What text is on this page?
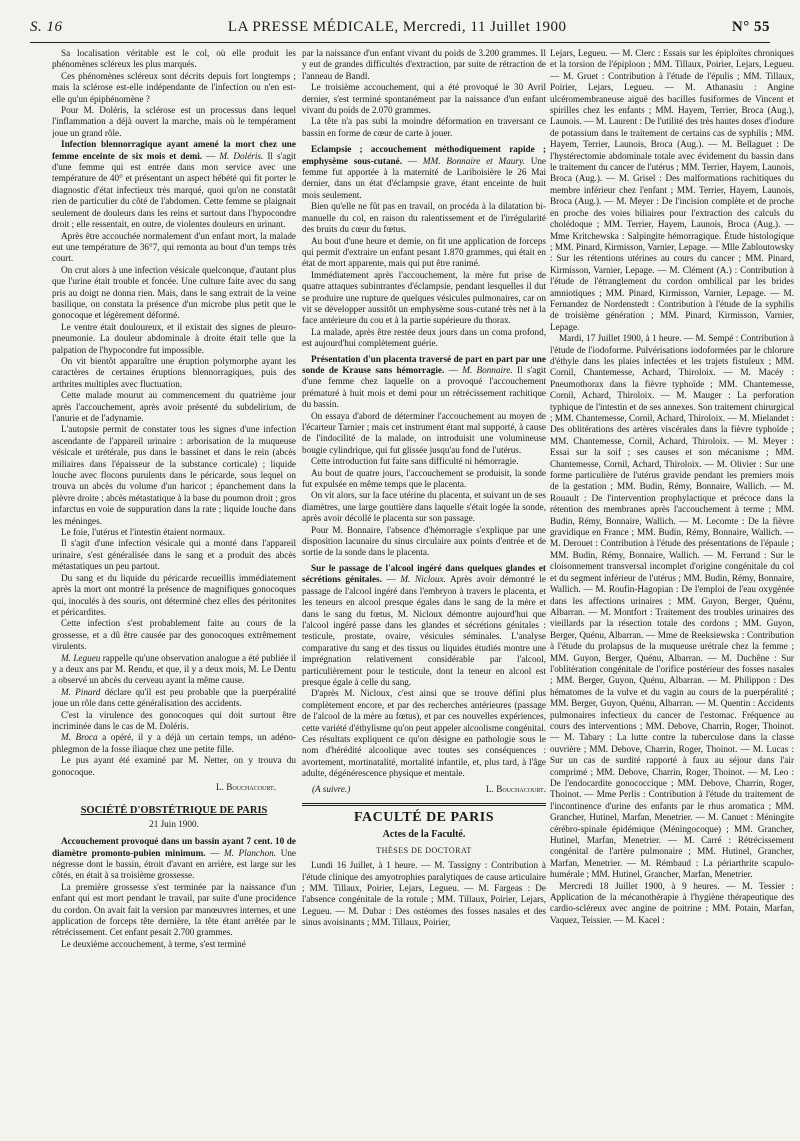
S. 16	LA PRESSE MÉDICALE, Mercredi, 11 Juillet 1900	N° 55

Sa localisation véritable est le col, où elle produit les phénomènes scléreux les plus marqués.

Ces phénomènes scléreux sont décrits depuis fort longtemps ; mais la sclérose est-elle indépendante de l'infection ou n'en est-elle qu'un épiphénomène ?

Pour M. Doléris, la sclérose est un processus dans lequel l'inflammation a déjà ouvert la marche, mais où le tempérament joue un grand rôle.

Infection blennorragique ayant amené la mort chez une femme enceinte de six mois et demi. — M. Doléris. Il s'agit d'une femme qui est entrée dans mon service avec une température de 40° et présentant un aspect hébété qui fit porter le diagnostic d'état infectieux très marqué, quoi qu'on ne constatât rien de particulier du côté de l'abdomen. Cette femme se plaignait seulement de douleurs dans les reins et surtout dans l'hypocondre droit ; elle ressentait, en outre, de violentes douleurs en urinant.

Après être accouchée normalement d'un enfant mort, la malade eut une température de 36°7, qui remonta au bout d'un temps très court.

On crut alors à une infection vésicale quelconque, d'autant plus que l'urine était trouble et foncée. Une culture faite avec du sang pris au doigt ne donna rien. Mais, dans le sang extrait de la veine basilique, on constata la présence d'un microbe plus petit que le gonocoque et légèrement déformé.

Le ventre était douloureux, et il existait des signes de pleuro-pneumonie. La douleur abdominale à droite était telle que la palpation de l'hypocondre fut impossible.

On vit bientôt apparaître une éruption polymorphe ayant les caractères de certaines éruptions blennorragiques, puis des arthrites multiples avec fluctuation.

Cette malade mourut au commencement du quatrième jour après l'accouchement, après avoir présenté du subdelirium, de l'anurie et de l'adynamie.

L'autopsie permit de constater tous les signes d'une infection ascendante de l'appareil urinaire : arborisation de la muqueuse vésicale et urétérale, pus dans le bassinet et dans le rein (abcès miliaires dans l'épaisseur de la substance corticale) ; liquide louche avec flocons purulents dans le péricarde, sous lequel on trouva un abcès du volume d'un haricot ; épanchement dans la plèvre droite ; abcès métastatique à la base du poumon droit ; gros infarctus en voie de suppuration dans la rate ; liquide louche dans les méninges.

Le foie, l'utérus et l'intestin étaient normaux.

Il s'agit d'une infection vésicale qui a monté dans l'appareil urinaire, s'est généralisée dans le sang et a produit des abcès métastatiques un peu partout.

Du sang et du liquide du péricarde recueillis immédiatement après la mort ont montré la présence de magnifiques gonocoques qui, inoculés à des souris, ont déterminé chez elles des péritonites et péricardites.

Cette infection s'est probablement faite au cours de la grossesse, et a dû être causée par des gonocoques extrêmement virulents.

M. Legueu rappelle qu'une observation analogue a été publiée il y a deux ans par M. Rendu, et que, il y a deux mois, M. Le Dentu a observé un abcès du cerveau ayant la même cause.

M. Pinard déclare qu'il est peu probable que la puerpéralité joue un rôle dans cette généralisation des accidents.

C'est la virulence des gonocoques qui doit surtout être incriminée dans le cas de M. Doléris.

M. Broca a opéré, il y a déjà un certain temps, un adéno-phlegmon de la fosse iliaque chez une petite fille.

Le pus ayant été examiné par M. Netter, on y trouva du gonocoque.

L. Bouchacourt.
SOCIÉTÉ D'OBSTÉTRIQUE DE PARIS
21 Juin 1900.

Accouchement provoqué dans un bassin ayant 7 cent. 10 de diamètre promonto-pubien minimum. — M. Planchon. Une négresse dont le bassin, étroit d'avant en arrière, est large sur les côtés, en était à sa troisième grossesse.

La première grossesse s'est terminée par la naissance d'un enfant qui est mort pendant le travail, par suite d'une procidence du cordon. On avait fait la version par manœuvres internes, et une application de forceps tête dernière, la tête étant arrêtée par le rétrécissement. Cet enfant pesait 2.700 grammes.

Le deuxième accouchement, à terme, s'est terminé

par la naissance d'un enfant vivant du poids de 3.200 grammes. Il y eut de grandes difficultés d'extraction, par suite de rétraction de l'anneau de Bandl.

Le troisième accouchement, qui a été provoqué le 30 Avril dernier, s'est terminé spontanément par la naissance d'un enfant vivant du poids de 2.070 grammes.

La tête n'a pas subi la moindre déformation en traversant ce bassin en forme de cœur de carte à jouer.

Eclampsie ; accouchement méthodiquement rapide ; emphysème sous-cutané. — MM. Bonnaire et Maury. Une femme fut apportée à la maternité de Lariboisière le 26 Mai dernier, dans un état d'éclampsie grave, étant enceinte de huit mois seulement.

Bien qu'elle ne fût pas en travail, on procéda à la dilatation bi-manuelle du col, en raison du ralentissement et de l'irrégularité des bruits du cœur du fœtus.

Au bout d'une heure et demie, on fit une application de forceps qui permit d'extraire un enfant pesant 1.870 grammes, qui était en état de mort apparente, mais qui put être ranimé.

Immédiatement après l'accouchement, la mère fut prise de quatre attaques subintrantes d'éclampsie, pendant lesquelles il dut se produire une rupture de quelques vésicules pulmonaires, car on vit se développer aussitôt un emphysème sous-cutané très net à la face antérieure du cou et à la partie supérieure du thorax.

La malade, après être restée deux jours dans un coma profond, est aujourd'hui complètement guérie.

Présentation d'un placenta traversé de part en part par une sonde de Krause sans hémorragie. — M. Bonnaire. Il s'agit d'une femme chez laquelle on a provoqué l'accouchement prématuré à huit mois et demi pour un rétrécissement rachitique du bassin.

On essaya d'abord de déterminer l'accouchement au moyen de l'écarteur Tarnier ; mais cet instrument étant mal supporté, à cause de l'indocilité de la malade, on introduisit une volumineuse bougie cylindrique, qui fut glissée jusqu'au fond de l'utérus.

Cette introduction fut faite sans difficulté ni hémorragie.

Au bout de quatre jours, l'accouchement se produisit, la sonde fut expulsée en même temps que le placenta.

On vit alors, sur la face utérine du placenta, et suivant un de ses diamètres, une large gouttière dans laquelle s'était logée la sonde, après avoir décollé le placenta sur son passage.

Pour M. Bonnaire, l'absence d'hémorragie s'explique par une disposition lacunaire du sinus circulaire aux points d'entrée et de sortie de la sonde dans le placenta.

Sur le passage de l'alcool ingéré dans quelques glandes et sécrétions génitales. — M. Nicloux. Après avoir démontré le passage de l'alcool ingéré dans l'embryon à travers le placenta, et les teneurs en alcool presque égales dans le sang de la mère et dans le sang du fœtus, M. Nicloux démontre aujourd'hui que l'alcool ingéré passe dans les glandes et sécrétions génitales : testicule, prostate, ovaire, vésicules séminales. L'analyse comparative du sang et des tissus ou liquides étudiés montre une imprégnation relativement considérable par l'alcool, particulièrement pour le testicule, dont la teneur en alcool est presque égale à celle du sang.

D'après M. Nicloux, c'est ainsi que se trouve défini plus complètement encore, et par des recherches antérieures (passage de l'alcool de la mère au fœtus), et par ces nouvelles expériences, cette variété d'éthylisme qu'on peut appeler alcoolisme congénital. Ces résultats expliquent ce qu'on désigne en pathologie sous le nom d'hérédité alcoolique avec toutes ses conséquences : avortement, mortinatalité, mortalité infantile, et, plus tard, à l'âge adulte, dégénérescence physique et mentale.

(A suivre.)	L. Bouchacourt.
FACULTÉ DE PARIS
Actes de la Faculté.
THÈSES DE DOCTORAT

Lundi 16 Juillet, à 1 heure. — M. Tassigny : Contribution à l'étude clinique des amyotrophies paralytiques de cause articulaire ; MM. Tillaux, Poirier, Lejars, Legueu. — M. Fargeas : De l'absence congénitale de la rotule ; MM. Tillaux, Poirier, Lejars, Legueu. — M. Dubar : Des ostéomes des fosses nasales et des sinus avoisinants ; MM. Tillaux, Poirier,

Lejars, Legueu. — M. Clerc : Essais sur les épiploïtes chroniques et la torsion de l'épiploon ; MM. Tillaux, Poirier, Lejars, Legueu. — M. Gruet : Contribution à l'étude de l'épulis ; MM. Tillaux, Poirier, Lejars, Legueu. — M. Athanasiu : Angine ulcéromembraneuse aiguë des bacilles fusiformes de Vincent et spirilles chez les enfants ; MM. Hayem, Terrier, Broca (Aug.), Launois. — M. Laurent : De l'utilité des très hautes doses d'iodure de potassium dans le traitement de certains cas de syphilis ; MM. Hayem, Terrier, Launois, Broca (Aug.). — M. Bellaguet : De l'hystérectomie abdominale totale avec évidement du bassin dans le traitement du cancer de l'utérus ; MM. Terrier, Hayem, Launois, Broca (Aug.). — M. Grisel : Des malformations rachitiques du membre inférieur chez l'enfant ; MM. Terrier, Hayem, Launois, Broca (Aug.). — M. Meyer : De l'incision complète et de proche en proche des voies biliaires pour l'extraction des calculs du cholédoque ; MM. Terrier, Hayem, Launois, Broca (Aug.). — Mme Kritchewska : Salpingite hémorragique. Étude histologique ; MM. Pinard, Kirmisson, Varnier, Lepage. — Mlle Zabloutowsky : Sur les rétentions utérines au cours du cancer ; MM. Pinard, Kirmisson, Varnier, Lepage. — M. Clément (A.) : Contribution à l'étude de l'étranglement du cordon ombilical par les brides amniotiques ; MM. Pinard, Kirmisson, Varnier, Lepage. — M. Fernandez de Nordenstedt : Contribution à l'étude de la syphilis de troisième génération ; MM. Pinard, Kirmisson, Varnier, Lepage.

Mardi, 17 Juillet 1900, à 1 heure. — M. Sempé : Contribution à l'étude de l'iodoforme. Pulvérisations iodoformées par le chlorure d'éthyle dans les plaies infectées et les trajets fistuleux ; MM. Cornil, Chantemesse, Achard, Thiroloix. — M. Macéy : Pneumothorax dans la fièvre typhoïde ; MM. Chantemesse, Cornil, Achard, Thiroloix. — M. Mauger : La perforation typhique de l'intestin et de ses annexes. Son traitement chirurgical ; MM. Chantemesse, Cornil, Achard, Thiroloix. — M. Mielandet : Des oblitérations des artères viscérales dans la fièvre typhoïde ; MM. Chantemesse, Cornil, Achard, Thiroloix. — M. Meyer : Essai sur la soif ; ses causes et son mécanisme ; MM. Chantemesse, Cornil, Achard, Thiroloix. — M. Olivier : Sur une forme particulière de l'utérus gravide pendant les premiers mois de la gestation ; MM. Budin, Rémy, Bonnaire, Wallich. — M. Rouault : De l'intervention prophylactique et précoce dans la rétention des membranes après l'accouchement à terme ; MM. Budin, Rémy, Bonnaire, Wallich. — M. Lecomte : De la fièvre gravidique en France ; MM. Budin, Rémy, Bonnaire, Wallich. — M. Derouet : Contribution à l'étude des présentations de l'épaule ; MM. Budin, Rémy, Bonnaire, Wallich. — M. Ferrand : Sur le cloisonnement transversal incomplet d'origine congénitale du col et du segment inférieur de l'utérus ; MM. Budin, Rémy, Bonnaire, Wallich. — M. Roufin-Hagopian : De l'emploi de l'eau oxygénée dans les affections urinaires ; MM. Guyon, Berger, Quénu, Albarran. — M. Montfort : Traitement des troubles urinaires des vieillards par la résection totale des cordons ; MM. Guyon, Berger, Quénu, Albarran. — Mme de Reeksiewska : Contribution à l'étude du prolapsus de la muqueuse urétrale chez la femme ; MM. Guyon, Berger, Quénu, Albarran. — M. Duchêne : Sur l'oblitération congénitale de l'orifice postérieur des fosses nasales ; MM. Berger, Guyon, Quénu, Albarran. — M. Philippon : Des hématomes de la vulve et du vagin au cours de la puerpéralité ; MM. Berger, Guyon, Quénu, Albarran. — M. Quentin : Accidents pulmonaires infectieux du cancer de l'estomac. Fréquence au cours des interventions ; MM. Debove, Charrin, Roger, Thoinot. — M. Tabary : La lutte contre la tuberculose dans la classe ouvrière ; MM. Debove, Charrin, Roger, Thoinot. — M. Lucas : Sur un cas de surdité rapporté à faux au séjour dans l'air comprimé ; MM. Debove, Charrin, Roger, Thoinot. — M. Leo : De l'endocardite gonococcique ; MM. Debove, Charrin, Roger, Thoinot. — Mme Perlis : Contribution à l'étude du traitement de l'incontinence d'urine des enfants par le rhus aromatica ; MM. Grancher, Hutinel, Marfan, Menetrier. — M. Canuet : Méningite cérébro-spinale épidémique (Méningocoque) ; MM. Grancher, Hutinel, Marfan, Menetrier. — M. Carré : Rétrécissement congénital de l'artère pulmonaire ; MM. Hutinel, Grancher, Marfan, Menetrier. — M. Rémbaud : La périarthrite scapulo-humérale ; MM. Hutinel, Grancher, Marfan, Menetrier.

Mercredi 18 Juillet 1900, à 9 heures. — M. Tessier : Application de la mécanothérapie à l'hygiène thérapeutique des cardio-scléreux avec angine de poitrine ; MM. Potain, Marfan, Vaquez, Teissier. — M. Kacel :
